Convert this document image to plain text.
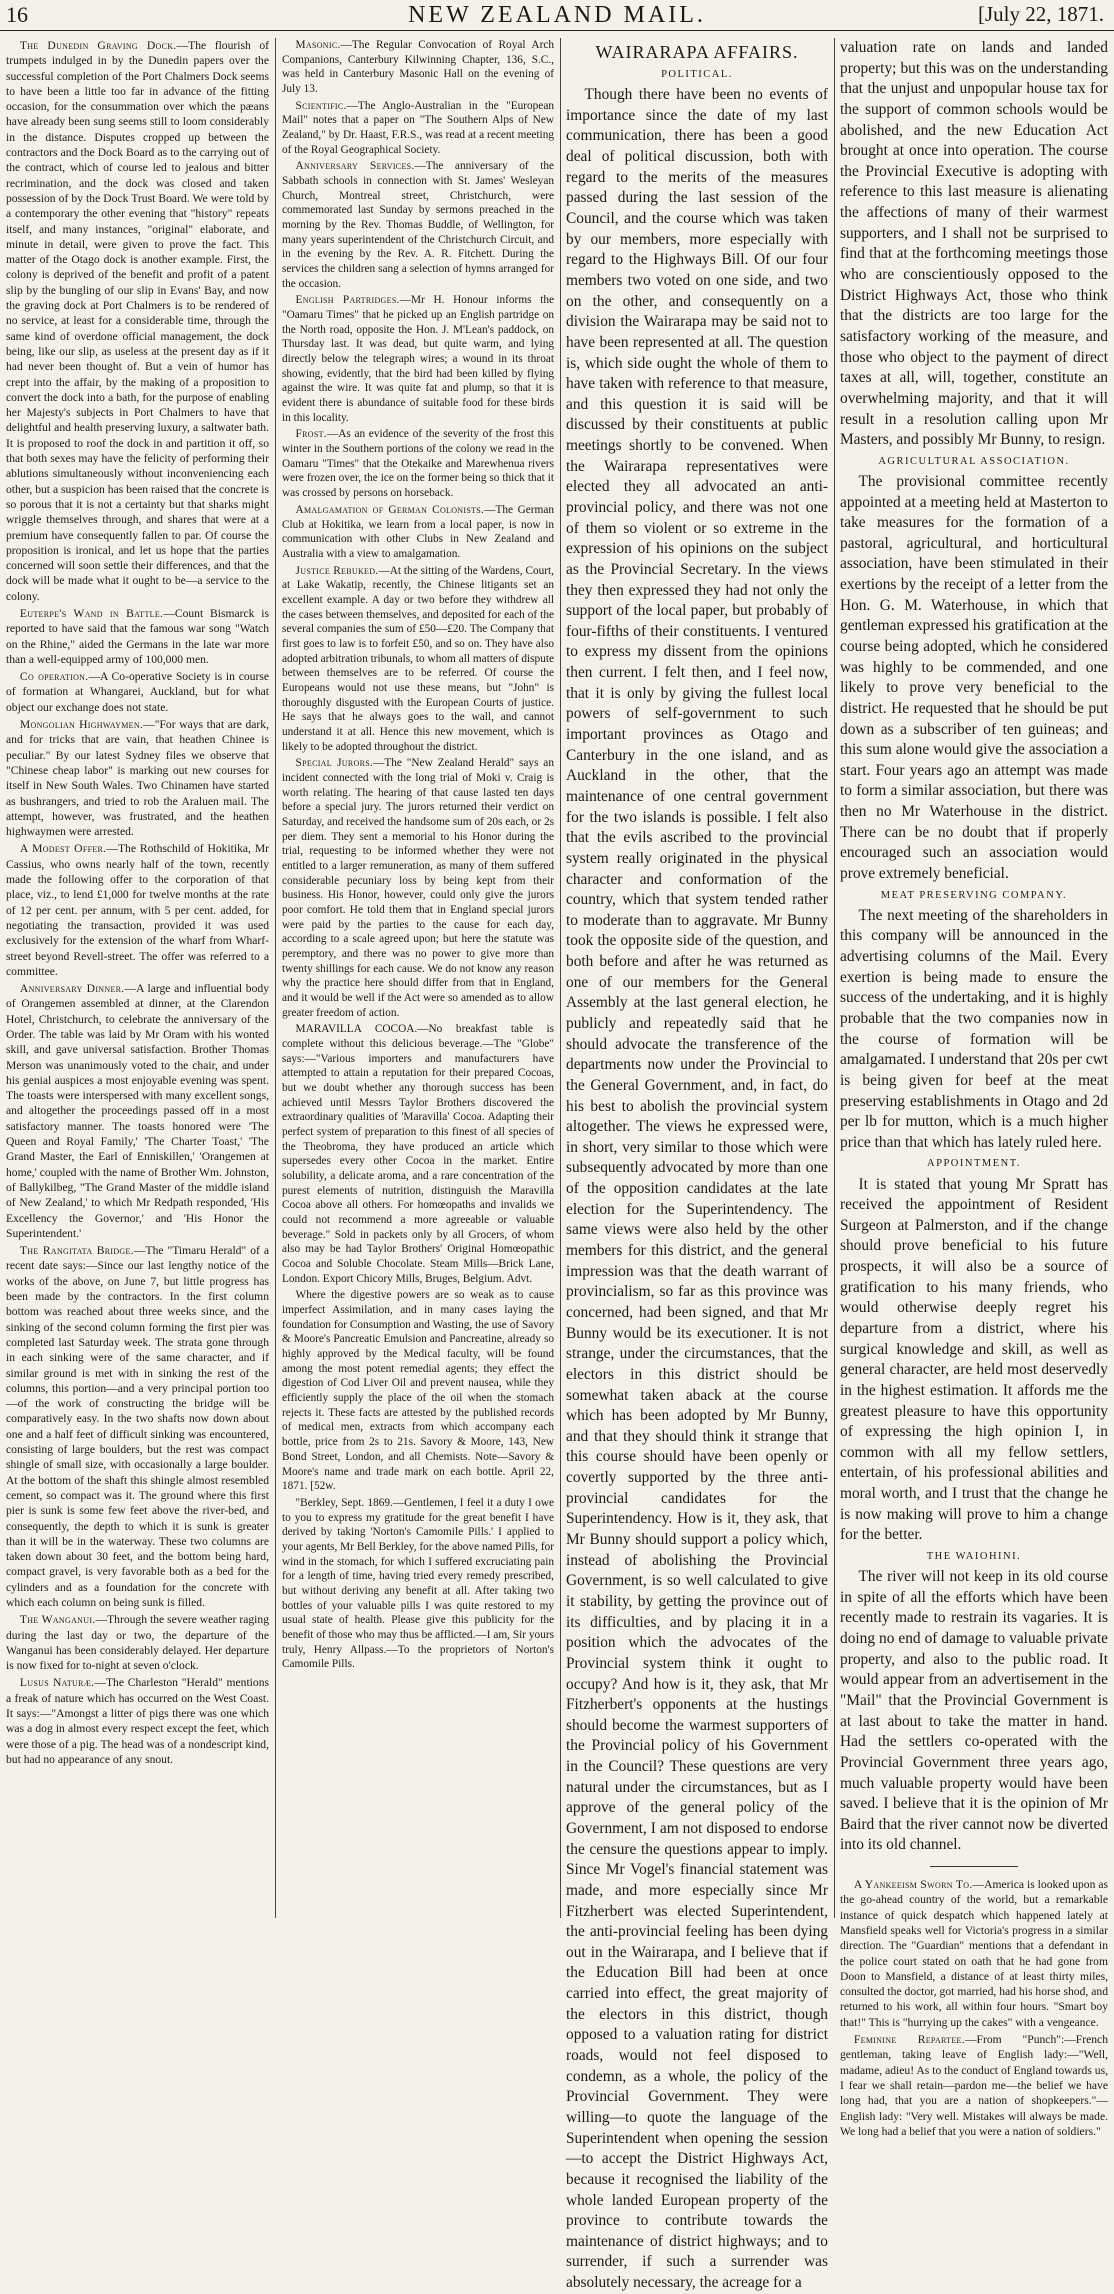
16	NEW ZEALAND MAIL.	[July 22, 1871.

The Dunedin Graving Dock.—The flourish of trumpets indulged in by the Dunedin papers over the successful completion of the Port Chalmers Dock seems to have been a little too far in advance of the fitting occasion, for the consummation over which the pæans have already been sung seems still to loom considerably in the distance. Disputes cropped up between the contractors and the Dock Board as to the carrying out of the contract, which of course led to jealous and bitter recrimination, and the dock was closed and taken possession of by the Dock Trust Board. We were told by a contemporary the other evening that "history" repeats itself, and many instances, "original" elaborate, and minute in detail, were given to prove the fact. This matter of the Otago dock is another example. First, the colony is deprived of the benefit and profit of a patent slip by the bungling of our slip in Evans' Bay, and now the graving dock at Port Chalmers is to be rendered of no service, at least for a considerable time, through the same kind of overdone official management, the dock being, like our slip, as useless at the present day as if it had never been thought of. But a vein of humor has crept into the affair, by the making of a proposition to convert the dock into a bath, for the purpose of enabling her Majesty's subjects in Port Chalmers to have that delightful and health preserving luxury, a saltwater bath. It is proposed to roof the dock in and partition it off, so that both sexes may have the felicity of performing their ablutions simultaneously without inconveniencing each other, but a suspicion has been raised that the concrete is so porous that it is not a certainty but that sharks might wriggle themselves through, and shares that were at a premium have consequently fallen to par. Of course the proposition is ironical, and let us hope that the parties concerned will soon settle their differences, and that the dock will be made what it ought to be—a service to the colony.

Euterpe's Wand in Battle.—Count Bismarck is reported to have said that the famous war song "Watch on the Rhine," aided the Germans in the late war more than a well-equipped army of 100,000 men.

Co operation.—A Co-operative Society is in course of formation at Whangarei, Auckland, but for what object our exchange does not state.

Mongolian Highwaymen.—"For ways that are dark, and for tricks that are vain, that heathen Chinee is peculiar." By our latest Sydney files we observe that "Chinese cheap labor" is marking out new courses for itself in New South Wales. Two Chinamen have started as bushrangers, and tried to rob the Araluen mail. The attempt, however, was frustrated, and the heathen highwaymen were arrested.

A Modest Offer.—The Rothschild of Hokitika, Mr Cassius, who owns nearly half of the town, recently made the following offer to the corporation of that place, viz., to lend £1,000 for twelve months at the rate of 12 per cent. per annum, with 5 per cent. added, for negotiating the transaction, provided it was used exclusively for the extension of the wharf from Wharf-street beyond Revell-street. The offer was referred to a committee.

Anniversary Dinner.—A large and influential body of Orangemen assembled at dinner, at the Clarendon Hotel, Christchurch, to celebrate the anniversary of the Order. The table was laid by Mr Oram with his wonted skill, and gave universal satisfaction. Brother Thomas Merson was unanimously voted to the chair, and under his genial auspices a most enjoyable evening was spent. The toasts were interspersed with many excellent songs, and altogether the proceedings passed off in a most satisfactory manner. The toasts honored were 'The Queen and Royal Family,' 'The Charter Toast,' 'The Grand Master, the Earl of Enniskillen,' 'Orangemen at home,' coupled with the name of Brother Wm. Johnston, of Ballykilbeg, "The Grand Master of the middle island of New Zealand,' to which Mr Redpath responded, 'His Excellency the Governor,' and 'His Honor the Superintendent.'

The Rangitata Bridge.—The "Timaru Herald" of a recent date says:—Since our last lengthy notice of the works of the above, on June 7, but little progress has been made by the contractors. In the first column bottom was reached about three weeks since, and the sinking of the second column forming the first pier was completed last Saturday week. The strata gone through in each sinking were of the same character, and if similar ground is met with in sinking the rest of the columns, this portion—and a very principal portion too—of the work of constructing the bridge will be comparatively easy. In the two shafts now down about one and a half feet of difficult sinking was encountered, consisting of large boulders, but the rest was compact shingle of small size, with occasionally a large boulder. At the bottom of the shaft this shingle almost resembled cement, so compact was it. The ground where this first pier is sunk is some few feet above the river-bed, and consequently, the depth to which it is sunk is greater than it will be in the waterway. These two columns are taken down about 30 feet, and the bottom being hard, compact gravel, is very favorable both as a bed for the cylinders and as a foundation for the concrete with which each column on being sunk is filled.

The Wanganui.—Through the severe weather raging during the last day or two, the departure of the Wanganui has been considerably delayed. Her departure is now fixed for to-night at seven o'clock.

Lusus Naturæ.—The Charleston "Herald" mentions a freak of nature which has occurred on the West Coast. It says:—"Amongst a litter of pigs there was one which was a dog in almost every respect except the feet, which were those of a pig. The head was of a nondescript kind, but had no appearance of any snout.

Masonic.—The Regular Convocation of Royal Arch Companions, Canterbury Kilwinning Chapter, 136, S.C., was held in Canterbury Masonic Hall on the evening of July 13.

Scientific.—The Anglo-Australian in the "European Mail" notes that a paper on "The Southern Alps of New Zealand," by Dr. Haast, F.R.S., was read at a recent meeting of the Royal Geographical Society.

Anniversary Services.—The anniversary of the Sabbath schools in connection with St. James' Wesleyan Church, Montreal street, Christchurch, were commemorated last Sunday by sermons preached in the morning by the Rev. Thomas Buddle, of Wellington, for many years superintendent of the Christchurch Circuit, and in the evening by the Rev. A. R. Fitchett. During the services the children sang a selection of hymns arranged for the occasion.

English Partridges.—Mr H. Honour informs the "Oamaru Times" that he picked up an English partridge on the North road, opposite the Hon. J. M'Lean's paddock, on Thursday last. It was dead, but quite warm, and lying directly below the telegraph wires; a wound in its throat showing, evidently, that the bird had been killed by flying against the wire. It was quite fat and plump, so that it is evident there is abundance of suitable food for these birds in this locality.

Frost.—As an evidence of the severity of the frost this winter in the Southern portions of the colony we read in the Oamaru "Times" that the Otekaike and Marewhenua rivers were frozen over, the ice on the former being so thick that it was crossed by persons on horseback.

Amalgamation of German Colonists.—The German Club at Hokitika, we learn from a local paper, is now in communication with other Clubs in New Zealand and Australia with a view to amalgamation.

Justice Rebuked.—At the sitting of the Wardens, Court, at Lake Wakatip, recently, the Chinese litigants set an excellent example. A day or two before they withdrew all the cases between themselves, and deposited for each of the several companies the sum of £50—£20. The Company that first goes to law is to forfeit £50, and so on. They have also adopted arbitration tribunals, to whom all matters of dispute between themselves are to be referred. Of course the Europeans would not use these means, but "John" is thoroughly disgusted with the European Courts of justice. He says that he always goes to the wall, and cannot understand it at all. Hence this new movement, which is likely to be adopted throughout the district.

Special Jurors.—The "New Zealand Herald" says an incident connected with the long trial of Moki v. Craig is worth relating. The hearing of that cause lasted ten days before a special jury. The jurors returned their verdict on Saturday, and received the handsome sum of 20s each, or 2s per diem. They sent a memorial to his Honor during the trial, requesting to be informed whether they were not entitled to a larger remuneration, as many of them suffered considerable pecuniary loss by being kept from their business. His Honor, however, could only give the jurors poor comfort. He told them that in England special jurors were paid by the parties to the cause for each day, according to a scale agreed upon; but here the statute was peremptory, and there was no power to give more than twenty shillings for each cause. We do not know any reason why the practice here should differ from that in England, and it would be well if the Act were so amended as to allow greater freedom of action.

MARAVILLA COCOA.—No breakfast table is complete without this delicious beverage.—The "Globe" says:—"Various importers and manufacturers have attempted to attain a reputation for their prepared Cocoas, but we doubt whether any thorough success has been achieved until Messrs Taylor Brothers discovered the extraordinary qualities of 'Maravilla' Cocoa. Adapting their perfect system of preparation to this finest of all species of the Theobroma, they have produced an article which supersedes every other Cocoa in the market. Entire solubility, a delicate aroma, and a rare concentration of the purest elements of nutrition, distinguish the Maravilla Cocoa above all others. For homœopaths and invalids we could not recommend a more agreeable or valuable beverage." Sold in packets only by all Grocers, of whom also may be had Taylor Brothers' Original Homœopathic Cocoa and Soluble Chocolate. Steam Mills—Brick Lane, London. Export Chicory Mills, Bruges, Belgium. Advt.

Where the digestive powers are so weak as to cause imperfect Assimilation, and in many cases laying the foundation for Consumption and Wasting, the use of Savory & Moore's Pancreatic Emulsion and Pancreatine, already so highly approved by the Medical faculty, will be found among the most potent remedial agents; they effect the digestion of Cod Liver Oil and prevent nausea, while they efficiently supply the place of the oil when the stomach rejects it. These facts are attested by the published records of medical men, extracts from which accompany each bottle, price from 2s to 21s. Savory & Moore, 143, New Bond Street, London, and all Chemists. Note—Savory & Moore's name and trade mark on each bottle. April 22, 1871. [52w.

"Berkley, Sept. 1869.—Gentlemen, I feel it a duty I owe to you to express my gratitude for the great benefit I have derived by taking 'Norton's Camomile Pills.' I applied to your agents, Mr Bell Berkley, for the above named Pills, for wind in the stomach, for which I suffered excruciating pain for a length of time, having tried every remedy prescribed, but without deriving any benefit at all. After taking two bottles of your valuable pills I was quite restored to my usual state of health. Please give this publicity for the benefit of those who may thus be afflicted.—I am, Sir yours truly, Henry Allpass.—To the proprietors of Norton's Camomile Pills.

WAIRARAPA AFFAIRS.
POLITICAL.

Though there have been no events of importance since the date of my last communication, there has been a good deal of political discussion, both with regard to the merits of the measures passed during the last session of the Council, and the course which was taken by our members, more especially with regard to the Highways Bill. Of our four members two voted on one side, and two on the other, and consequently on a division the Wairarapa may be said not to have been represented at all. The question is, which side ought the whole of them to have taken with reference to that measure, and this question it is said will be discussed by their constituents at public meetings shortly to be convened. When the Wairarapa representatives were elected they all advocated an anti-provincial policy, and there was not one of them so violent or so extreme in the expression of his opinions on the subject as the Provincial Secretary. In the views they then expressed they had not only the support of the local paper, but probably of four-fifths of their constituents. I ventured to express my dissent from the opinions then current. I felt then, and I feel now, that it is only by giving the fullest local powers of self-government to such important provinces as Otago and Canterbury in the one island, and as Auckland in the other, that the maintenance of one central government for the two islands is possible. I felt also that the evils ascribed to the provincial system really originated in the physical character and conformation of the country, which that system tended rather to moderate than to aggravate. Mr Bunny took the opposite side of the question, and both before and after he was returned as one of our members for the General Assembly at the last general election, he publicly and repeatedly said that he should advocate the transference of the departments now under the Provincial to the General Government, and, in fact, do his best to abolish the provincial system altogether. The views he expressed were, in short, very similar to those which were subsequently advocated by more than one of the opposition candidates at the late election for the Superintendency. The same views were also held by the other members for this district, and the general impression was that the death warrant of provincialism, so far as this province was concerned, had been signed, and that Mr Bunny would be its executioner. It is not strange, under the circumstances, that the electors in this district should be somewhat taken aback at the course which has been adopted by Mr Bunny, and that they should think it strange that this course should have been openly or covertly supported by the three anti-provincial candidates for the Superintendency. How is it, they ask, that Mr Bunny should support a policy which, instead of abolishing the Provincial Government, is so well calculated to give it stability, by getting the province out of its difficulties, and by placing it in a position which the advocates of the Provincial system think it ought to occupy? And how is it, they ask, that Mr Fitzherbert's opponents at the hustings should become the warmest supporters of the Provincial policy of his Government in the Council? These questions are very natural under the circumstances, but as I approve of the general policy of the Government, I am not disposed to endorse the censure the questions appear to imply. Since Mr Vogel's financial statement was made, and more especially since Mr Fitzherbert was elected Superintendent, the anti-provincial feeling has been dying out in the Wairarapa, and I believe that if the Education Bill had been at once carried into effect, the great majority of the electors in this district, though opposed to a valuation rating for district roads, would not feel disposed to condemn, as a whole, the policy of the Provincial Government. They were willing—to quote the language of the Superintendent when opening the session—to accept the District Highways Act, because it recognised the liability of the whole landed European property of the province to contribute towards the maintenance of district highways; and to surrender, if such a surrender was absolutely necessary, the acreage for a

valuation rate on lands and landed property; but this was on the understanding that the unjust and unpopular house tax for the support of common schools would be abolished, and the new Education Act brought at once into operation. The course the Provincial Executive is adopting with reference to this last measure is alienating the affections of many of their warmest supporters, and I shall not be surprised to find that at the forthcoming meetings those who are conscientiously opposed to the District Highways Act, those who think that the districts are too large for the satisfactory working of the measure, and those who object to the payment of direct taxes at all, will, together, constitute an overwhelming majority, and that it will result in a resolution calling upon Mr Masters, and possibly Mr Bunny, to resign.

AGRICULTURAL ASSOCIATION.

The provisional committee recently appointed at a meeting held at Masterton to take measures for the formation of a pastoral, agricultural, and horticultural association, have been stimulated in their exertions by the receipt of a letter from the Hon. G. M. Waterhouse, in which that gentleman expressed his gratification at the course being adopted, which he considered was highly to be commended, and one likely to prove very beneficial to the district. He requested that he should be put down as a subscriber of ten guineas; and this sum alone would give the association a start. Four years ago an attempt was made to form a similar association, but there was then no Mr Waterhouse in the district. There can be no doubt that if properly encouraged such an association would prove extremely beneficial.

MEAT PRESERVING COMPANY.

The next meeting of the shareholders in this company will be announced in the advertising columns of the Mail. Every exertion is being made to ensure the success of the undertaking, and it is highly probable that the two companies now in the course of formation will be amalgamated. I understand that 20s per cwt is being given for beef at the meat preserving establishments in Otago and 2d per lb for mutton, which is a much higher price than that which has lately ruled here.

APPOINTMENT.

It is stated that young Mr Spratt has received the appointment of Resident Surgeon at Palmerston, and if the change should prove beneficial to his future prospects, it will also be a source of gratification to his many friends, who would otherwise deeply regret his departure from a district, where his surgical knowledge and skill, as well as general character, are held most deservedly in the highest estimation. It affords me the greatest pleasure to have this opportunity of expressing the high opinion I, in common with all my fellow settlers, entertain, of his professional abilities and moral worth, and I trust that the change he is now making will prove to him a change for the better.

THE WAIOHINI.

The river will not keep in its old course in spite of all the efforts which have been recently made to restrain its vagaries. It is doing no end of damage to valuable private property, and also to the public road. It would appear from an advertisement in the "Mail" that the Provincial Government is at last about to take the matter in hand. Had the settlers co-operated with the Provincial Government three years ago, much valuable property would have been saved. I believe that it is the opinion of Mr Baird that the river cannot now be diverted into its old channel.

A Yankeeism Sworn To.—America is looked upon as the go-ahead country of the world, but a remarkable instance of quick despatch which happened lately at Mansfield speaks well for Victoria's progress in a similar direction. The "Guardian" mentions that a defendant in the police court stated on oath that he had gone from Doon to Mansfield, a distance of at least thirty miles, consulted the doctor, got married, had his horse shod, and returned to his work, all within four hours. "Smart boy that!" This is "hurrying up the cakes" with a vengeance.

Feminine Repartee.—From "Punch":—French gentleman, taking leave of English lady:—"Well, madame, adieu! As to the conduct of England towards us, I fear we shall retain—pardon me—the belief we have long had, that you are a nation of shopkeepers."—English lady: "Very well. Mistakes will always be made. We long had a belief that you were a nation of soldiers."
